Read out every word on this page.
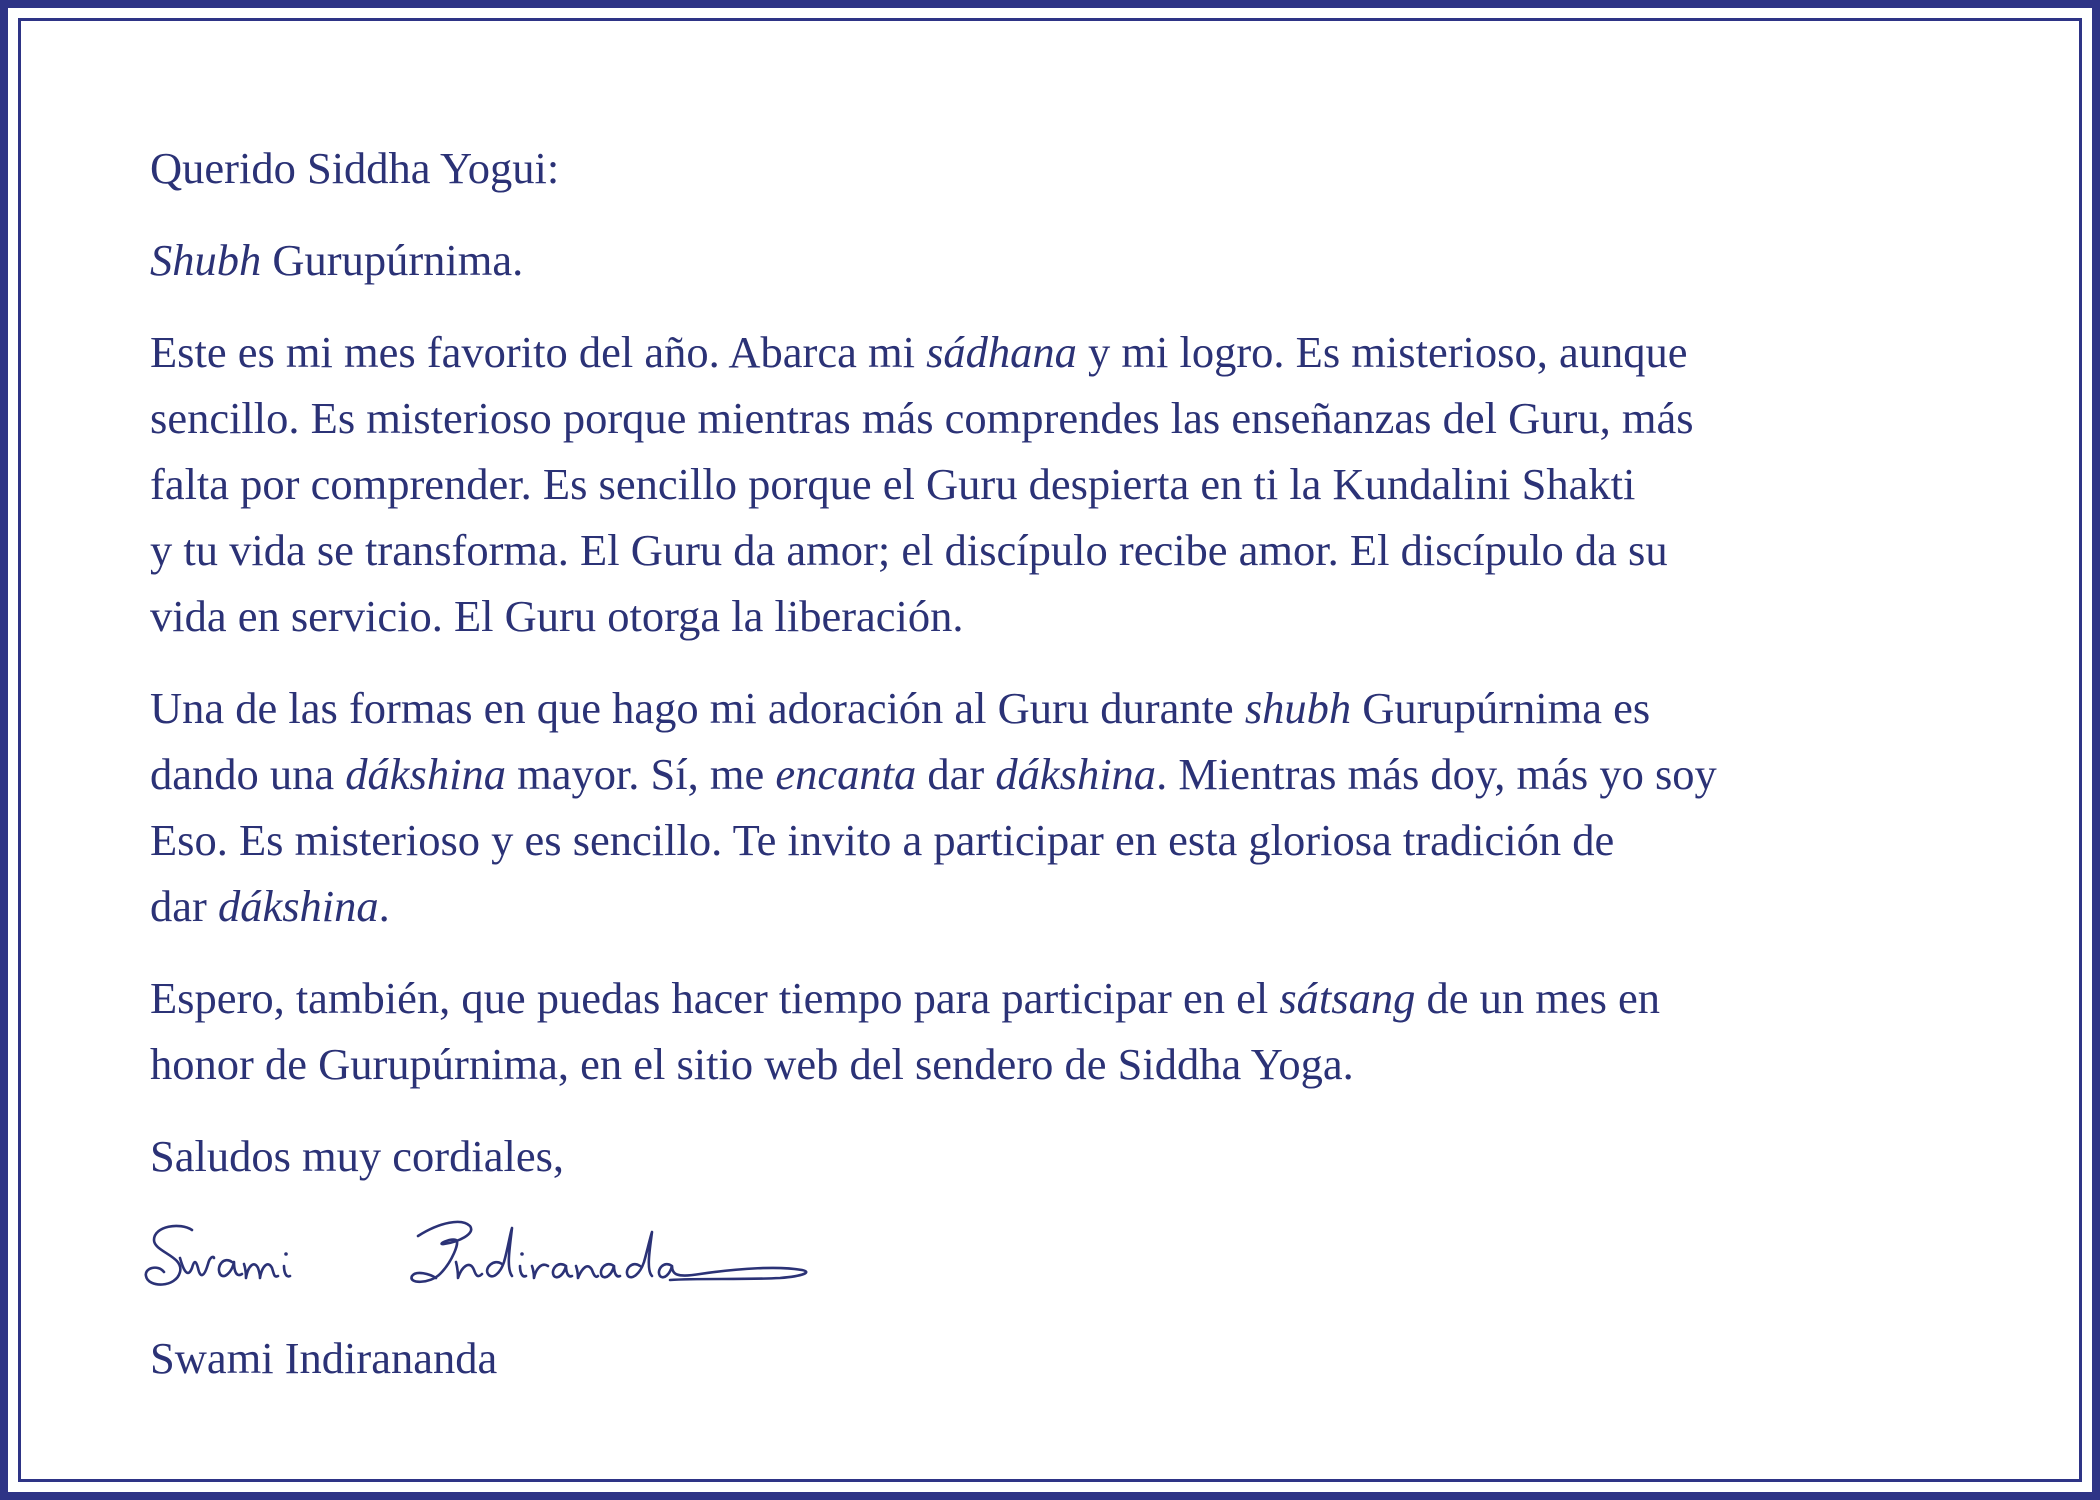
Querido Siddha Yogui:

Shubh Gurupúrnima.

Este es mi mes favorito del año. Abarca mi sádhana y mi logro. Es misterioso, aunque
sencillo. Es misterioso porque mientras más comprendes las enseñanzas del Guru, más
falta por comprender. Es sencillo porque el Guru despierta en ti la Kundalini Shakti
y tu vida se transforma. El Guru da amor; el discípulo recibe amor. El discípulo da su
vida en servicio. El Guru otorga la liberación.

Una de las formas en que hago mi adoración al Guru durante shubh Gurupúrnima es
dando una dákshina mayor. Sí, me encanta dar dákshina. Mientras más doy, más yo soy
Eso. Es misterioso y es sencillo. Te invito a participar en esta gloriosa tradición de
dar dákshina.

Espero, también, que puedas hacer tiempo para participar en el sátsang de un mes en
honor de Gurupúrnima, en el sitio web del sendero de Siddha Yoga.

Saludos muy cordiales,

Swami Indirananda
